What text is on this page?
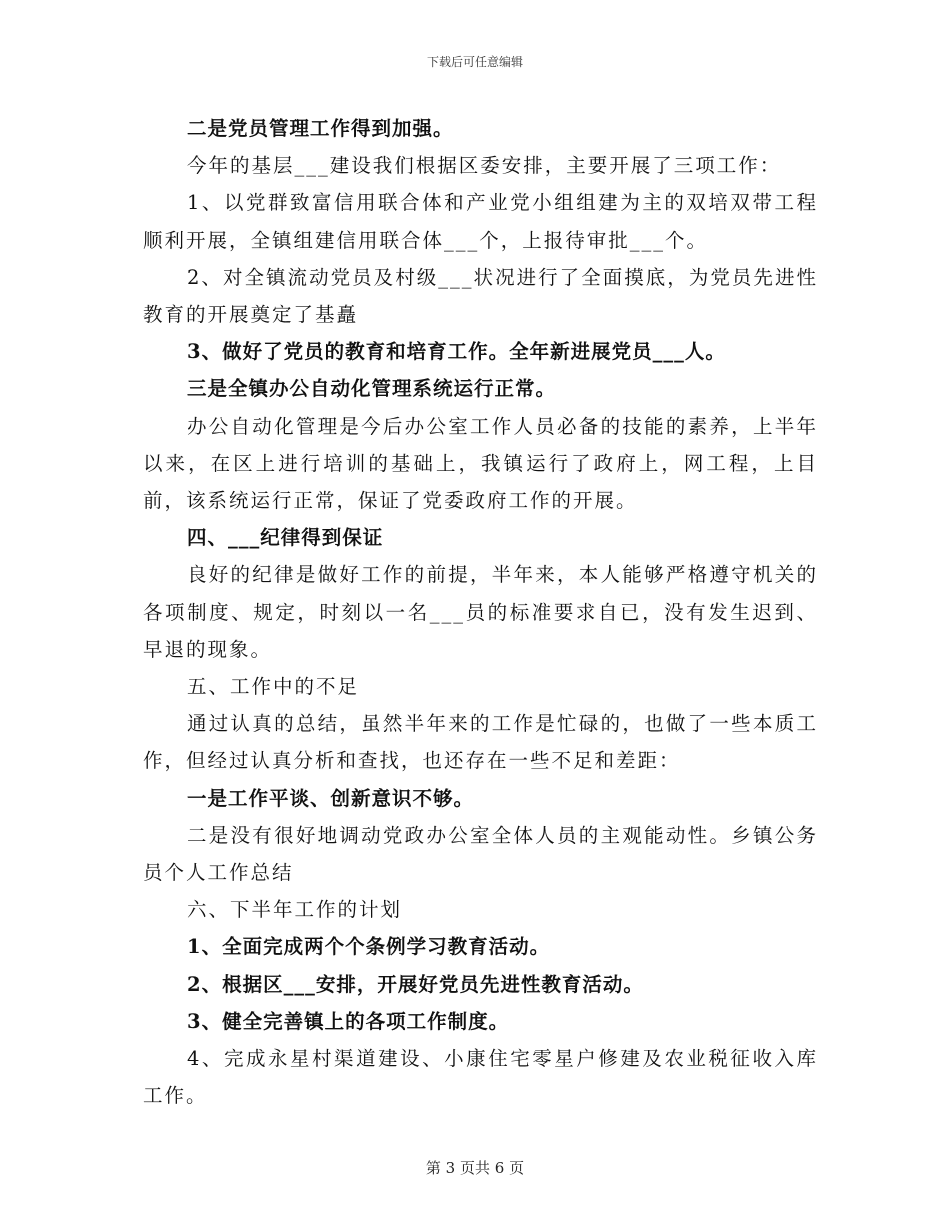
下载后可任意编辑

二是党员管理工作得到加强。

今年的基层___建设我们根据区委安排，主要开展了三项工作：

1、以党群致富信用联合体和产业党小组组建为主的双培双带工程顺利开展，全镇组建信用联合体___个，上报待审批___个。

2、对全镇流动党员及村级___状况进行了全面摸底，为党员先进性教育的开展奠定了基矗

3、做好了党员的教育和培育工作。全年新进展党员___人。

三是全镇办公自动化管理系统运行正常。

办公自动化管理是今后办公室工作人员必备的技能的素养，上半年以来，在区上进行培训的基础上，我镇运行了政府上，网工程，上目前，该系统运行正常，保证了党委政府工作的开展。

四、___纪律得到保证

良好的纪律是做好工作的前提，半年来，本人能够严格遵守机关的各项制度、规定，时刻以一名___员的标准要求自已，没有发生迟到、早退的现象。

五、工作中的不足

通过认真的总结，虽然半年来的工作是忙碌的，也做了一些本质工作，但经过认真分析和查找，也还存在一些不足和差距：

一是工作平谈、创新意识不够。

二是没有很好地调动党政办公室全体人员的主观能动性。乡镇公务员个人工作总结

六、下半年工作的计划

1、全面完成两个个条例学习教育活动。

2、根据区___安排，开展好党员先进性教育活动。

3、健全完善镇上的各项工作制度。

4、完成永星村渠道建设、小康住宅零星户修建及农业税征收入库工作。

第 3 页共 6 页
